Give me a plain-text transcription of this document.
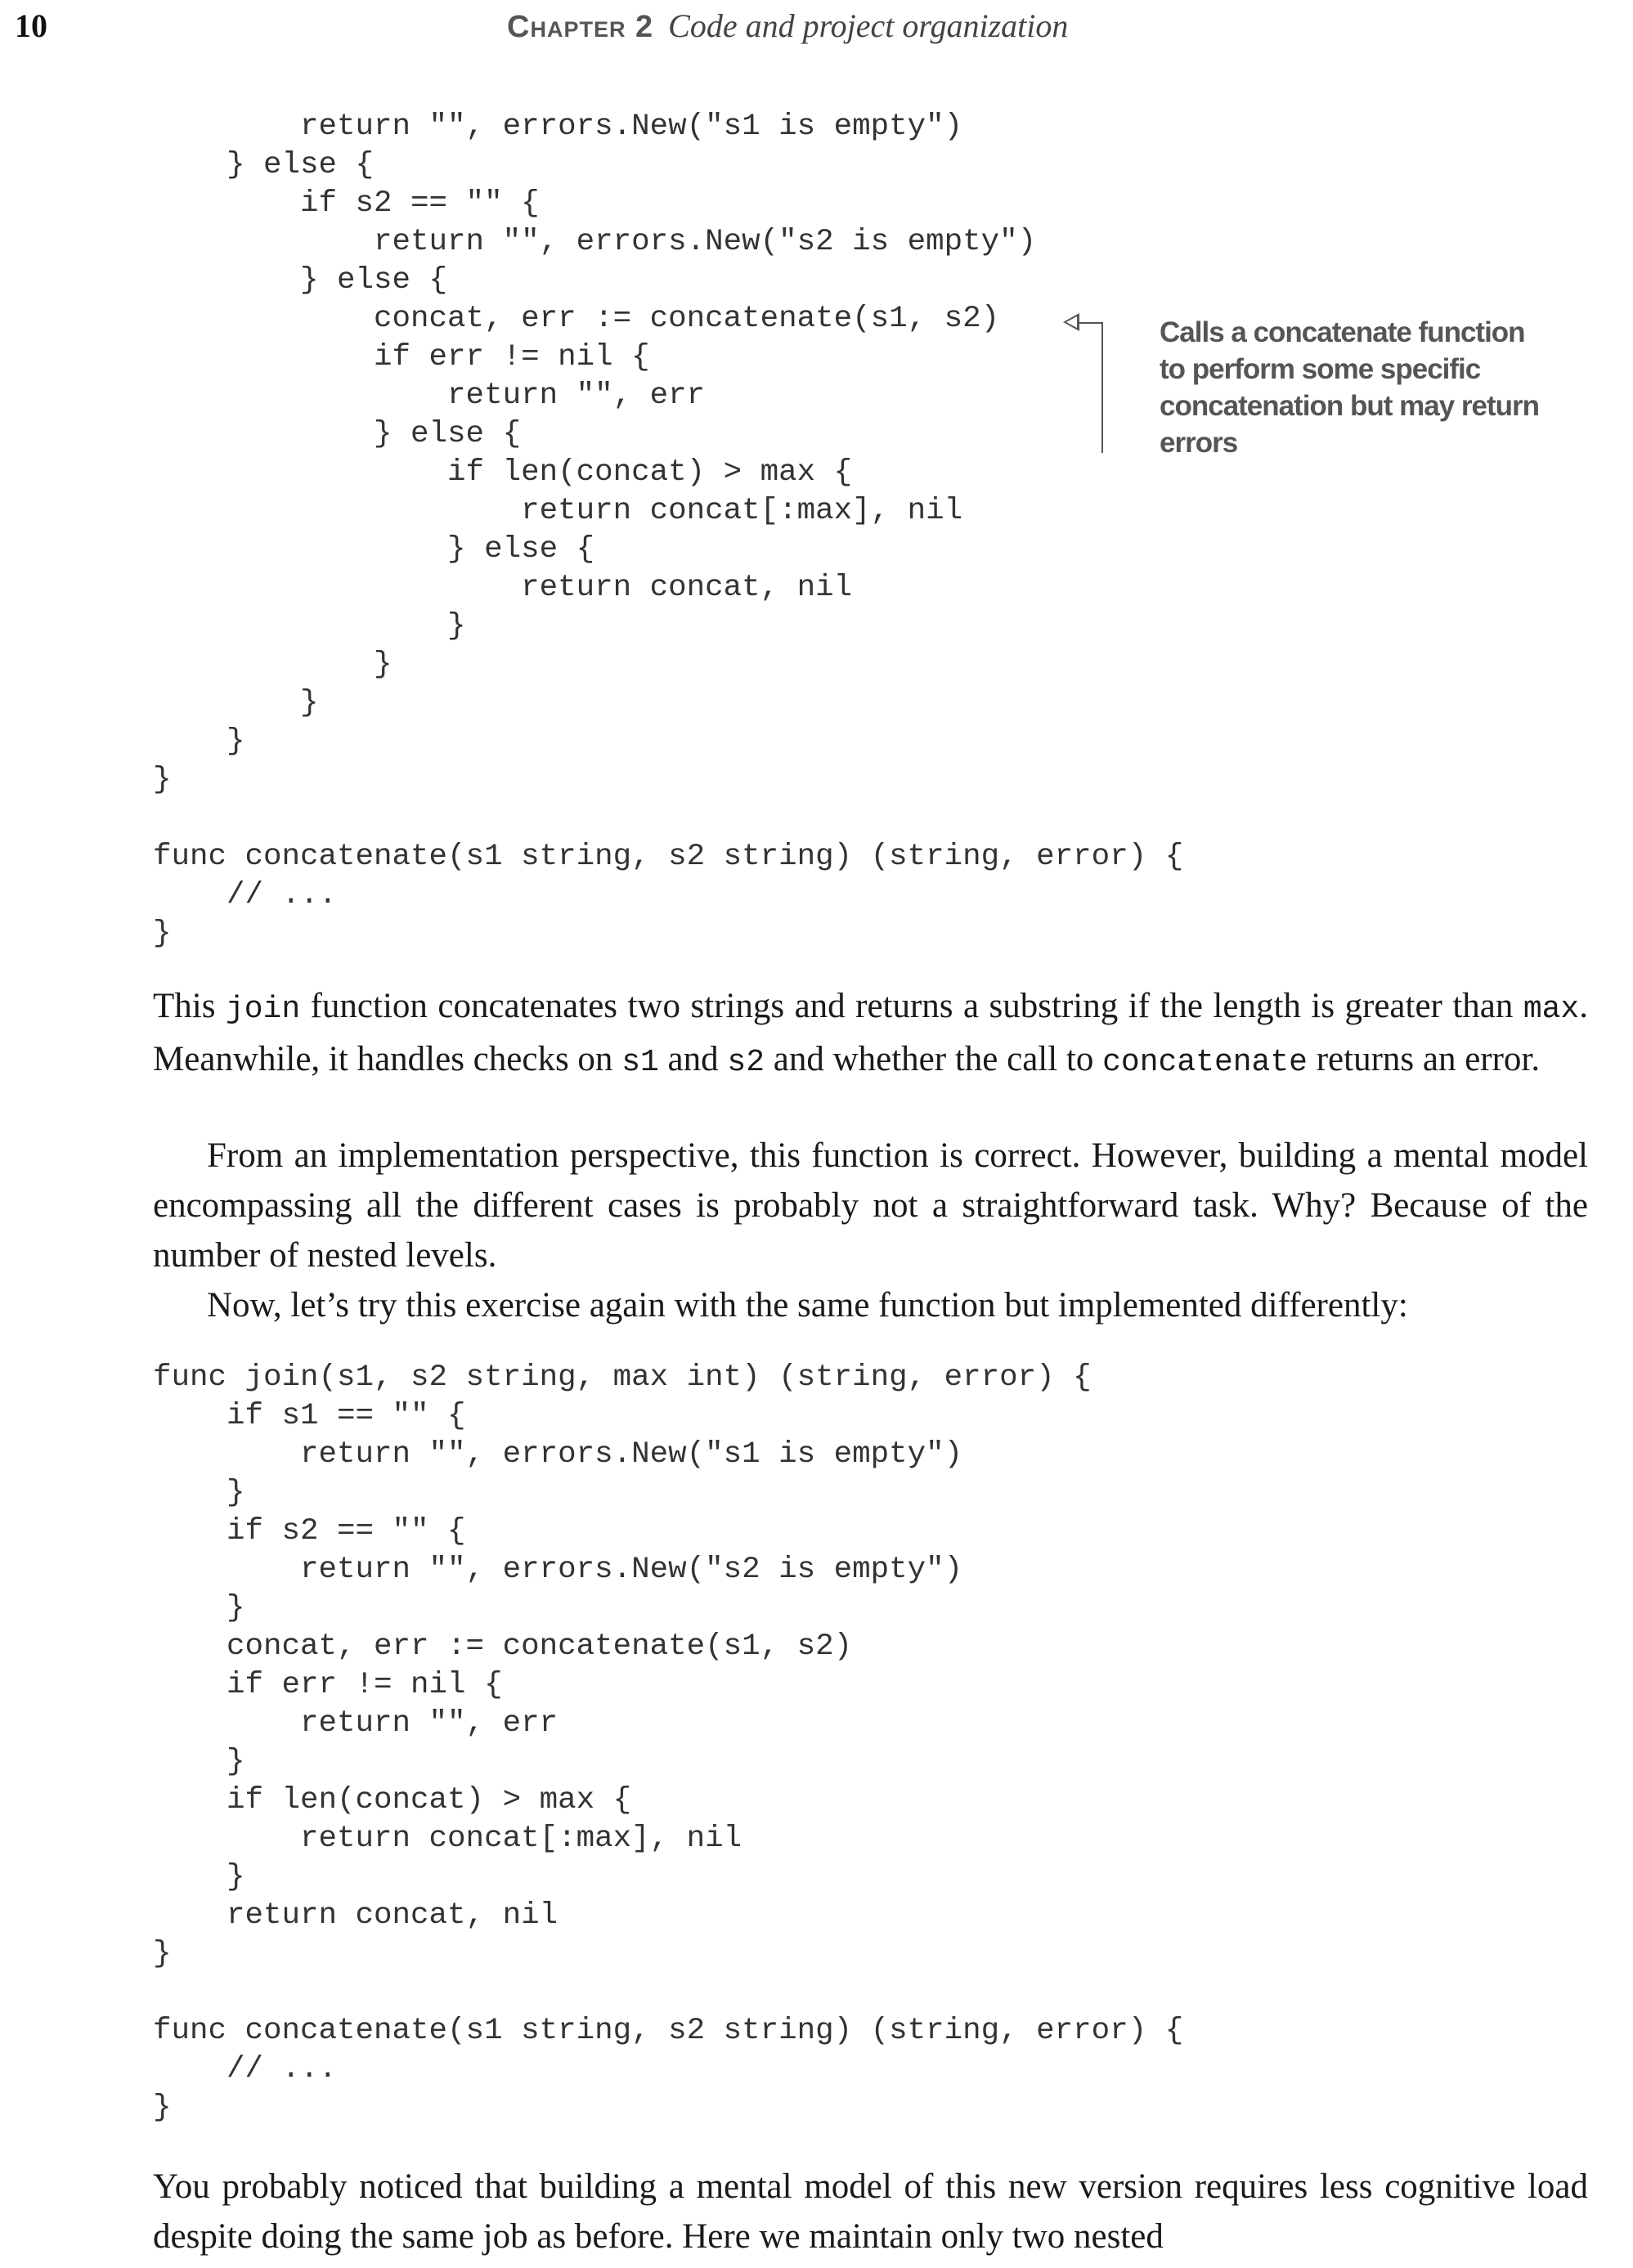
10	Chapter 2 Code and project organization
return "", errors.New("s1 is empty")
} else {
if s2 == "" {
return "", errors.New("s2 is empty")
} else {
concat, err := concatenate(s1, s2)
if err != nil {
return "", err
} else {
if len(concat) > max {
return concat[:max], nil
} else {
return concat, nil
}
}
}
}
}

func concatenate(s1 string, s2 string) (string, error) {
// ...
}
Calls a concatenate function to perform some specific concatenation but may return errors

This join function concatenates two strings and returns a substring if the length is greater than max. Meanwhile, it handles checks on s1 and s2 and whether the call to concatenate returns an error.

From an implementation perspective, this function is correct. However, building a mental model encompassing all the different cases is probably not a straightforward task. Why? Because of the number of nested levels.

Now, let’s try this exercise again with the same function but implemented differently:

func join(s1, s2 string, max int) (string, error) {
if s1 == "" {
return "", errors.New("s1 is empty")
}
if s2 == "" {
return "", errors.New("s2 is empty")
}
concat, err := concatenate(s1, s2)
if err != nil {
return "", err
}
if len(concat) > max {
return concat[:max], nil
}
return concat, nil
}

func concatenate(s1 string, s2 string) (string, error) {
// ...
}

You probably noticed that building a mental model of this new version requires less cognitive load despite doing the same job as before. Here we maintain only two nested
